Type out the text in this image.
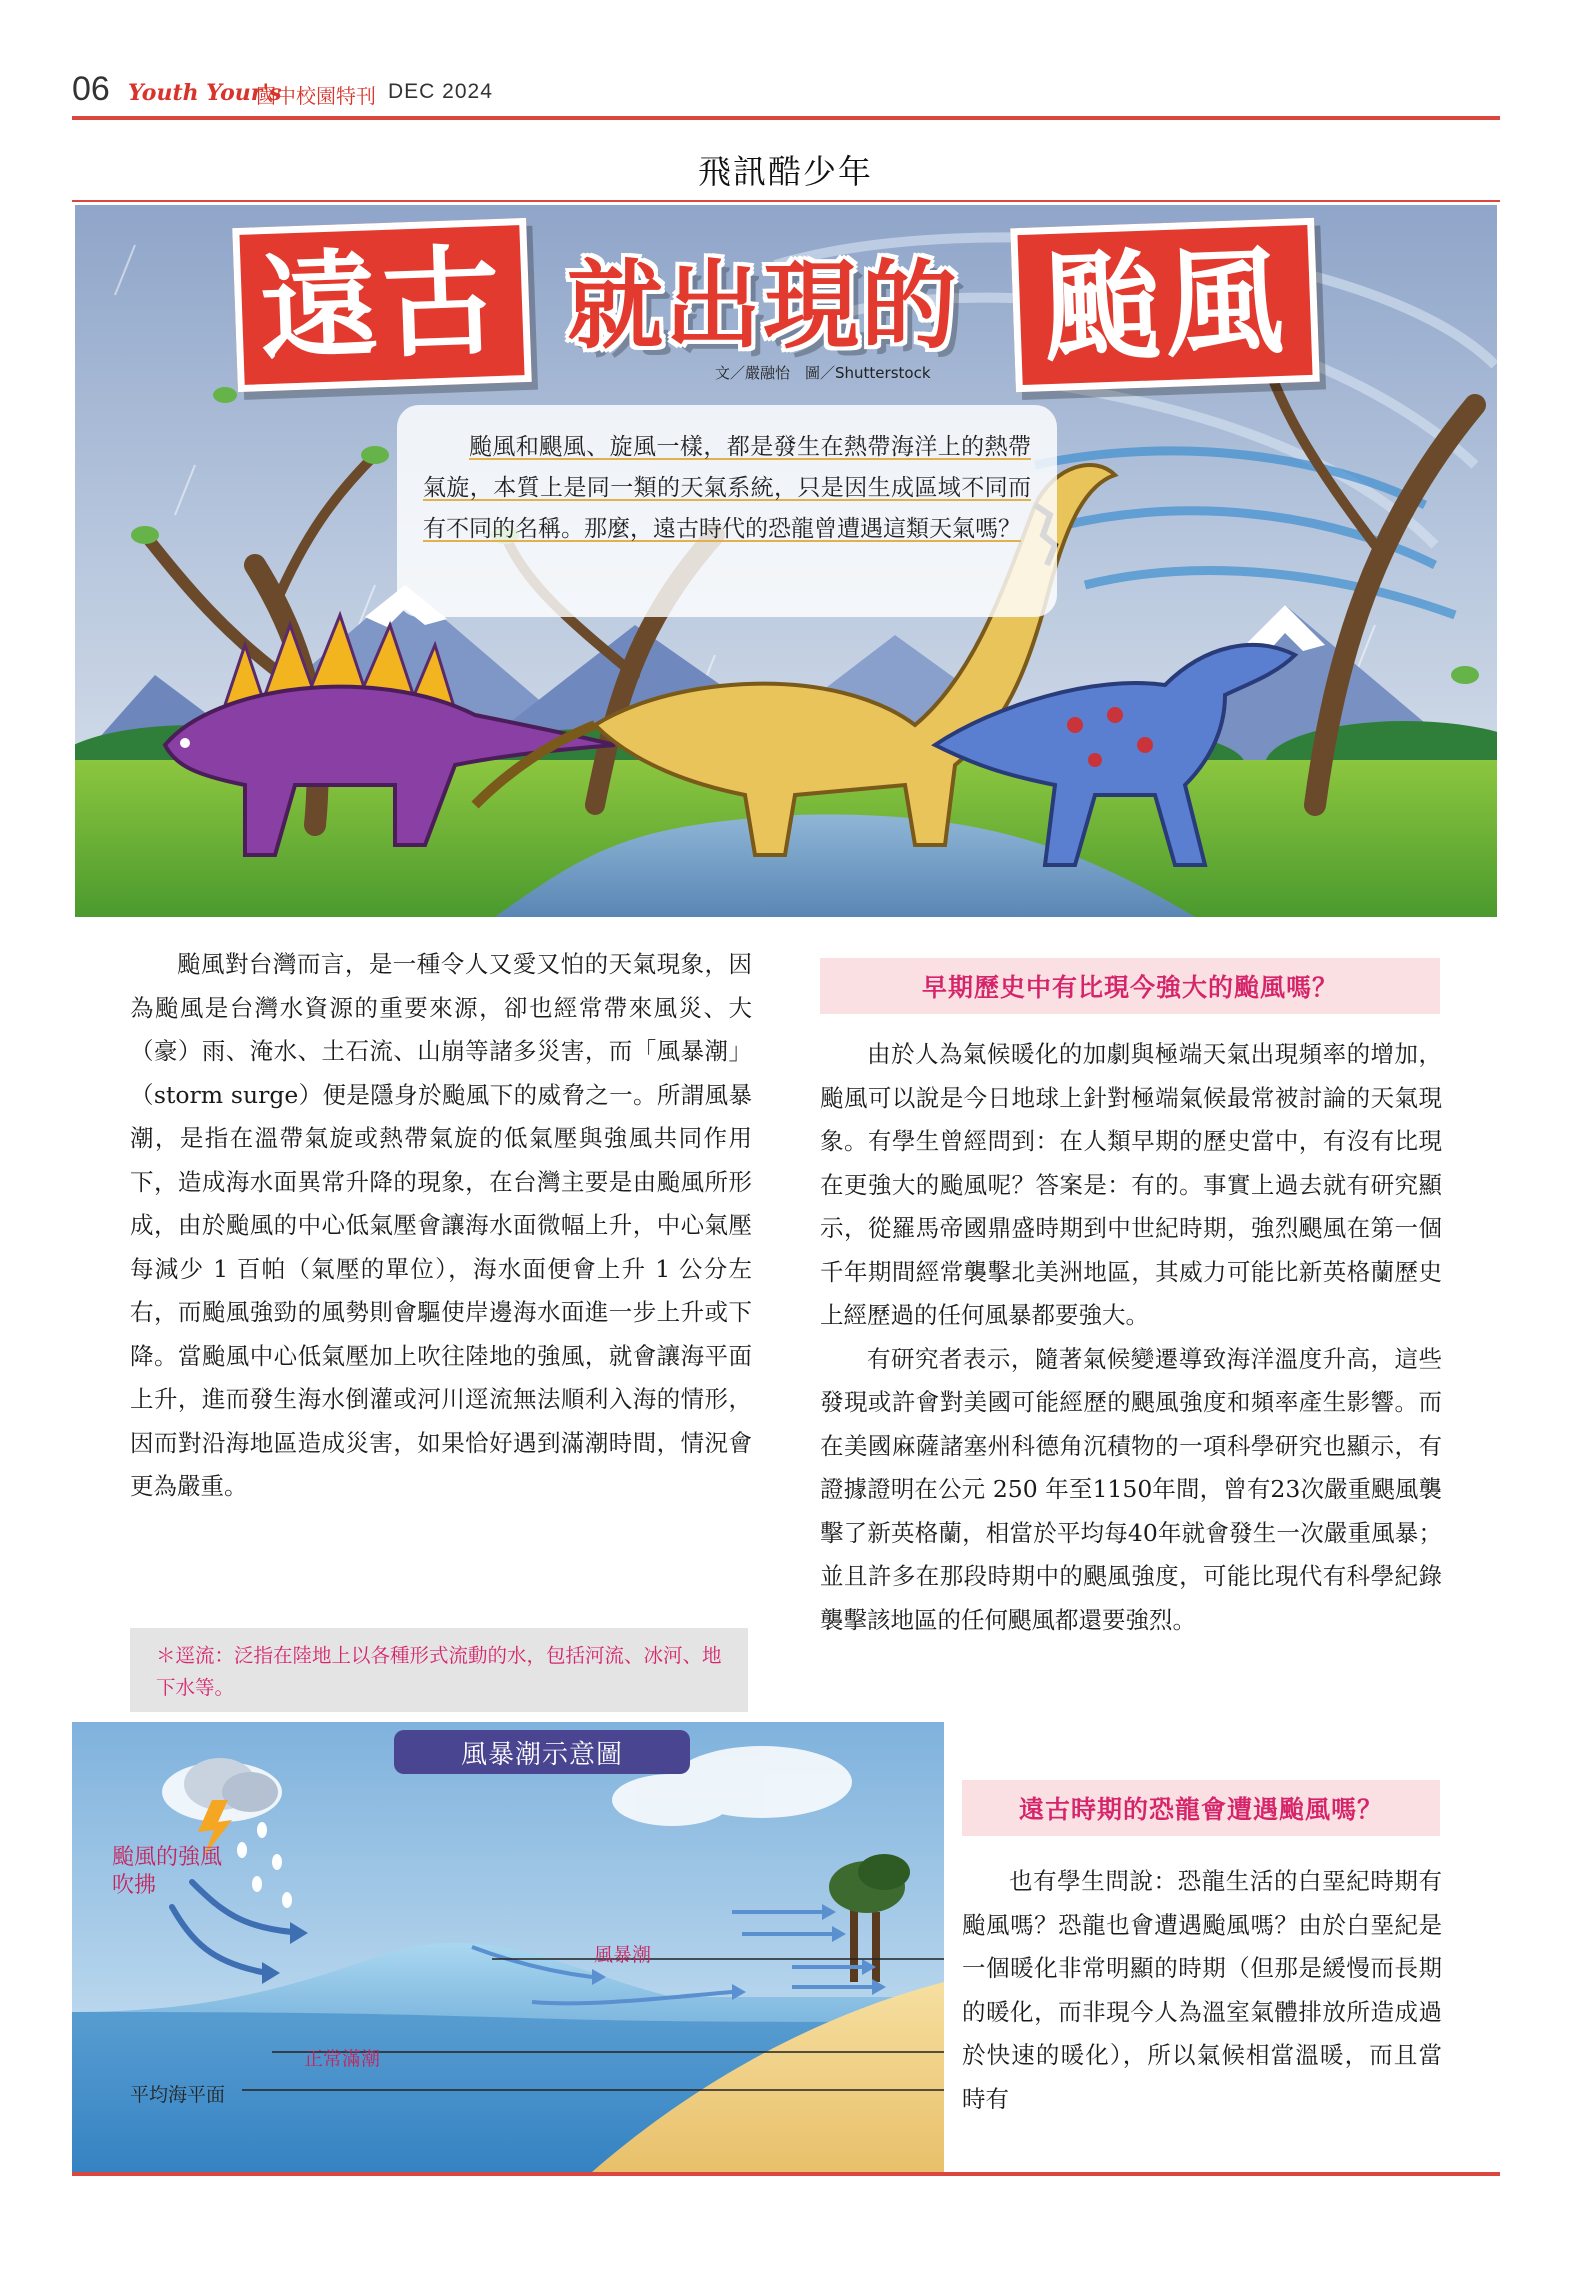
06 Youth Your's
國中校園特刊 DEC 2024
飛訊酷少年
遠古 就出現的 颱風
文／嚴融怡　圖／Shutterstock

颱風和颶風、旋風一樣，都是發生在熱帶海洋上的熱帶氣旋，本質上是同一類的天氣系統，只是因生成區域不同而有不同的名稱。那麼，遠古時代的恐龍曾遭遇這類天氣嗎？

颱風對台灣而言，是一種令人又愛又怕的天氣現象，因為颱風是台灣水資源的重要來源，卻也經常帶來風災、大（豪）雨、淹水、土石流、山崩等諸多災害，而「風暴潮」（storm surge）便是隱身於颱風下的威脅之一。所謂風暴潮，是指在溫帶氣旋或熱帶氣旋的低氣壓與強風共同作用下，造成海水面異常升降的現象，在台灣主要是由颱風所形成，由於颱風的中心低氣壓會讓海水面微幅上升，中心氣壓每減少 1 百帕（氣壓的單位），海水面便會上升 1 公分左右，而颱風強勁的風勢則會驅使岸邊海水面進一步上升或下降。當颱風中心低氣壓加上吹往陸地的強風，就會讓海平面上升，進而發生海水倒灌或河川逕流無法順利入海的情形，因而對沿海地區造成災害，如果恰好遇到滿潮時間，情況會更為嚴重。

＊逕流：泛指在陸地上以各種形式流動的水，包括河流、冰河、地下水等。
早期歷史中有比現今強大的颱風嗎？

由於人為氣候暖化的加劇與極端天氣出現頻率的增加，颱風可以說是今日地球上針對極端氣候最常被討論的天氣現象。有學生曾經問到：在人類早期的歷史當中，有沒有比現在更強大的颱風呢？答案是：有的。事實上過去就有研究顯示，從羅馬帝國鼎盛時期到中世紀時期，強烈颶風在第一個千年期間經常襲擊北美洲地區，其威力可能比新英格蘭歷史上經歷過的任何風暴都要強大。

有研究者表示，隨著氣候變遷導致海洋溫度升高，這些發現或許會對美國可能經歷的颶風強度和頻率產生影響。而在美國麻薩諸塞州科德角沉積物的一項科學研究也顯示，有證據證明在公元 250 年至1150年間，曾有23次嚴重颶風襲擊了新英格蘭，相當於平均每40年就會發生一次嚴重風暴；並且許多在那段時期中的颶風強度，可能比現代有科學紀錄襲擊該地區的任何颶風都還要強烈。

遠古時期的恐龍會遭遇颱風嗎？

也有學生問說：恐龍生活的白堊紀時期有颱風嗎？恐龍也會遭遇颱風嗎？由於白堊紀是一個暖化非常明顯的時期（但那是緩慢而長期的暖化，而非現今人為溫室氣體排放所造成過於快速的暖化），所以氣候相當溫暖，而且當時有

風暴潮示意圖
颱風的強風吹拂
風暴潮
正常滿潮
平均海平面
